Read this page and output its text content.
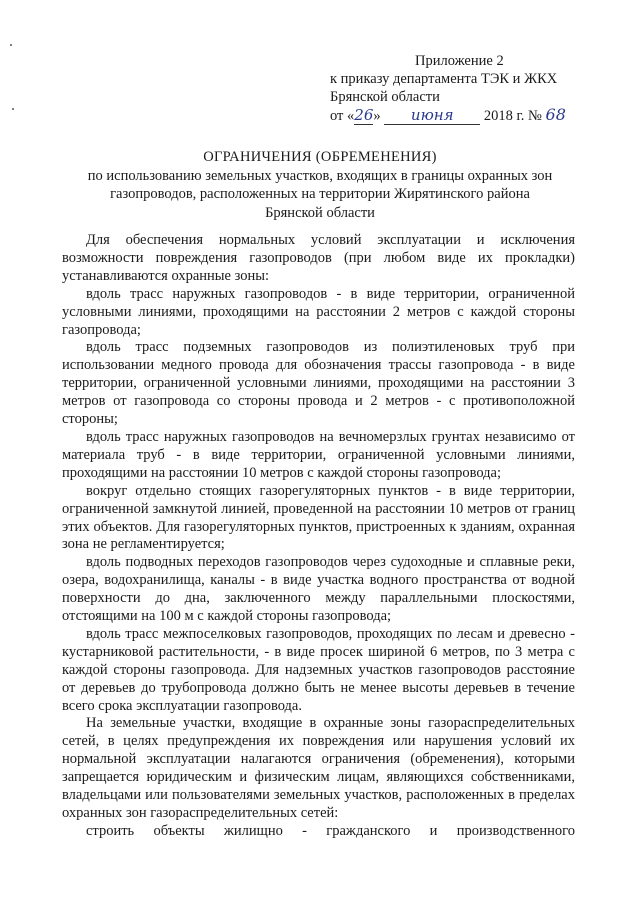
Приложение 2
к приказу департамента ТЭК и ЖКХ
Брянской области
от «26» июня 2018 г. № 68
ОГРАНИЧЕНИЯ (ОБРЕМЕНЕНИЯ)
по использованию земельных участков, входящих в границы охранных зон
газопроводов, расположенных на территории Жирятинского района
Брянской области

Для обеспечения нормальных условий эксплуатации и исключения возможности повреждения газопроводов (при любом виде их прокладки) устанавливаются охранные зоны:

вдоль трасс наружных газопроводов - в виде территории, ограниченной условными линиями, проходящими на расстоянии 2 метров с каждой стороны газопровода;

вдоль трасс подземных газопроводов из полиэтиленовых труб при использовании медного провода для обозначения трассы газопровода - в виде территории, ограниченной условными линиями, проходящими на расстоянии 3 метров от газопровода со стороны провода и 2 метров - с противоположной стороны;

вдоль трасс наружных газопроводов на вечномерзлых грунтах независимо от материала труб - в виде территории, ограниченной условными линиями, проходящими на расстоянии 10 метров с каждой стороны газопровода;

вокруг отдельно стоящих газорегуляторных пунктов - в виде территории, ограниченной замкнутой линией, проведенной на расстоянии 10 метров от границ этих объектов. Для газорегуляторных пунктов, пристроенных к зданиям, охранная зона не регламентируется;

вдоль подводных переходов газопроводов через судоходные и сплавные реки, озера, водохранилища, каналы - в виде участка водного пространства от водной поверхности до дна, заключенного между параллельными плоскостями, отстоящими на 100 м с каждой стороны газопровода;

вдоль трасс межпоселковых газопроводов, проходящих по лесам и древесно - кустарниковой растительности, - в виде просек шириной 6 метров, по 3 метра с каждой стороны газопровода. Для надземных участков газопроводов расстояние от деревьев до трубопровода должно быть не менее высоты деревьев в течение всего срока эксплуатации газопровода.

На земельные участки, входящие в охранные зоны газораспределительных сетей, в целях предупреждения их повреждения или нарушения условий их нормальной эксплуатации налагаются ограничения (обременения), которыми запрещается юридическим и физическим лицам, являющихся собственниками, владельцами или пользователями земельных участков, расположенных в пределах охранных зон газораспределительных сетей:

строить объекты жилищно - гражданского и производственного
